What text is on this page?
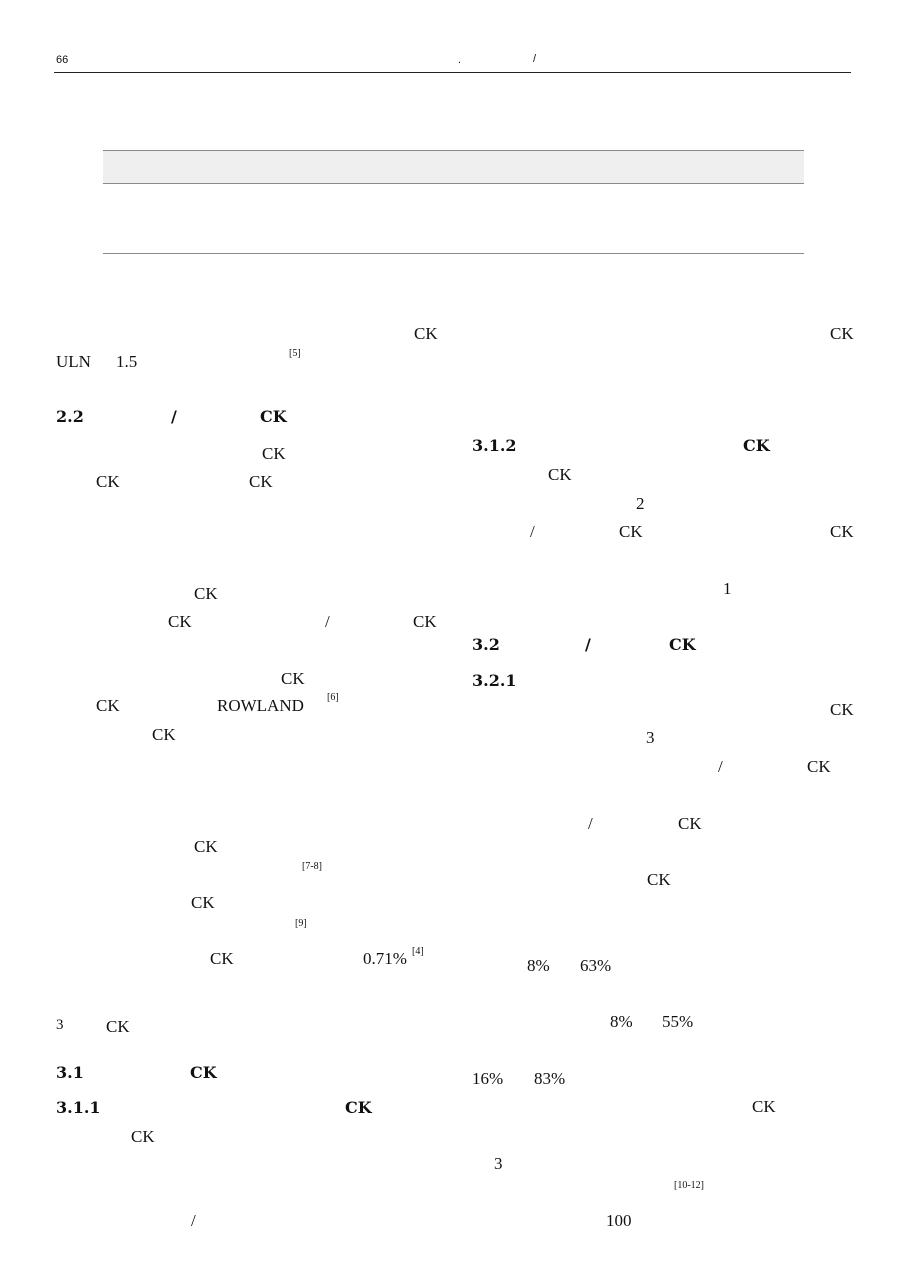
66	.	/
CK
ULN 1.5	[5]
2.2	/	CK
CK
CK	CK
CK
CK	/	CK
CK
CK	ROWLAND [6]
CK
CK
[7-8]
CK
[9]
CK	0.71% [4]
3	CK
3.1	CK
3.1.1	CK
CK
/
CK
3.1.2	CK
CK
2
/	CK	CK
1
3.2	/	CK
3.2.1
CK
3
/	CK
/	CK
CK
8% 63%
8% 55%
16% 83%
CK
3
[10-12]
100
